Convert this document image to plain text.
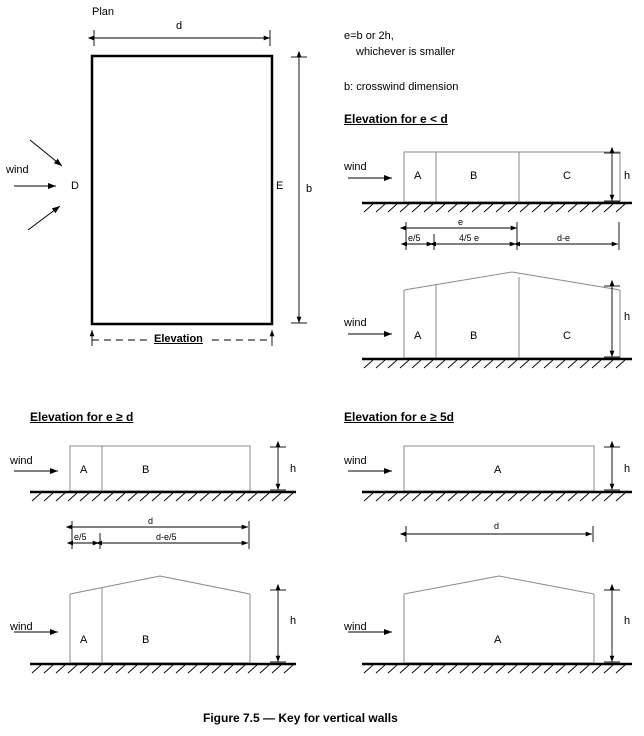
Plan
d
b
D	E
wind
Elevation
e=b or 2h,
whichever is smaller
b: crosswind dimension
Elevation for e < d
wind
A	B	C	h
e
e/5	4/5 e	d-e
wind
A	B	C
h
Elevation for e ≥ d
wind
A	B	h
d
e/5	d-e/5
wind
A	B
h
Elevation for e ≥ 5d
wind
A	h
d
wind
A
h
Figure 7.5 — Key for vertical walls
